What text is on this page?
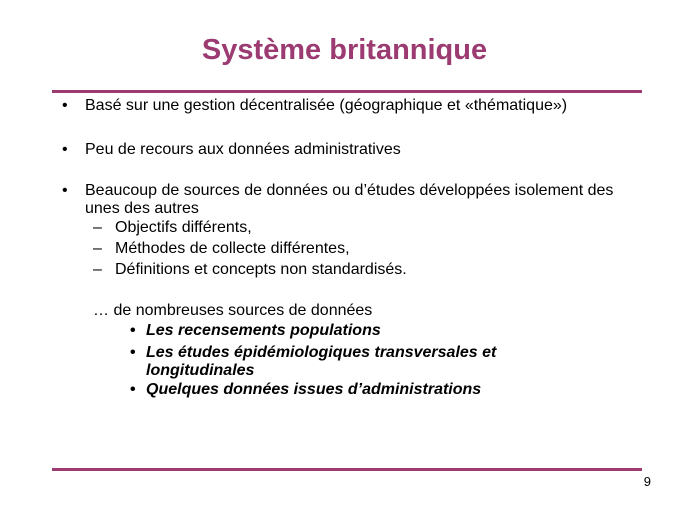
Système britannique
• Basé sur une gestion décentralisée (géographique et «thématique»)
• Peu de recours aux données administratives
• Beaucoup de sources de données ou d’études développées isolement des unes des autres
– Objectifs différents,
– Méthodes de collecte différentes,
– Définitions et concepts non standardisés.
… de nombreuses sources de données
• Les recensements populations
• Les études épidémiologiques transversales et longitudinales
• Quelques données issues d’administrations
9
